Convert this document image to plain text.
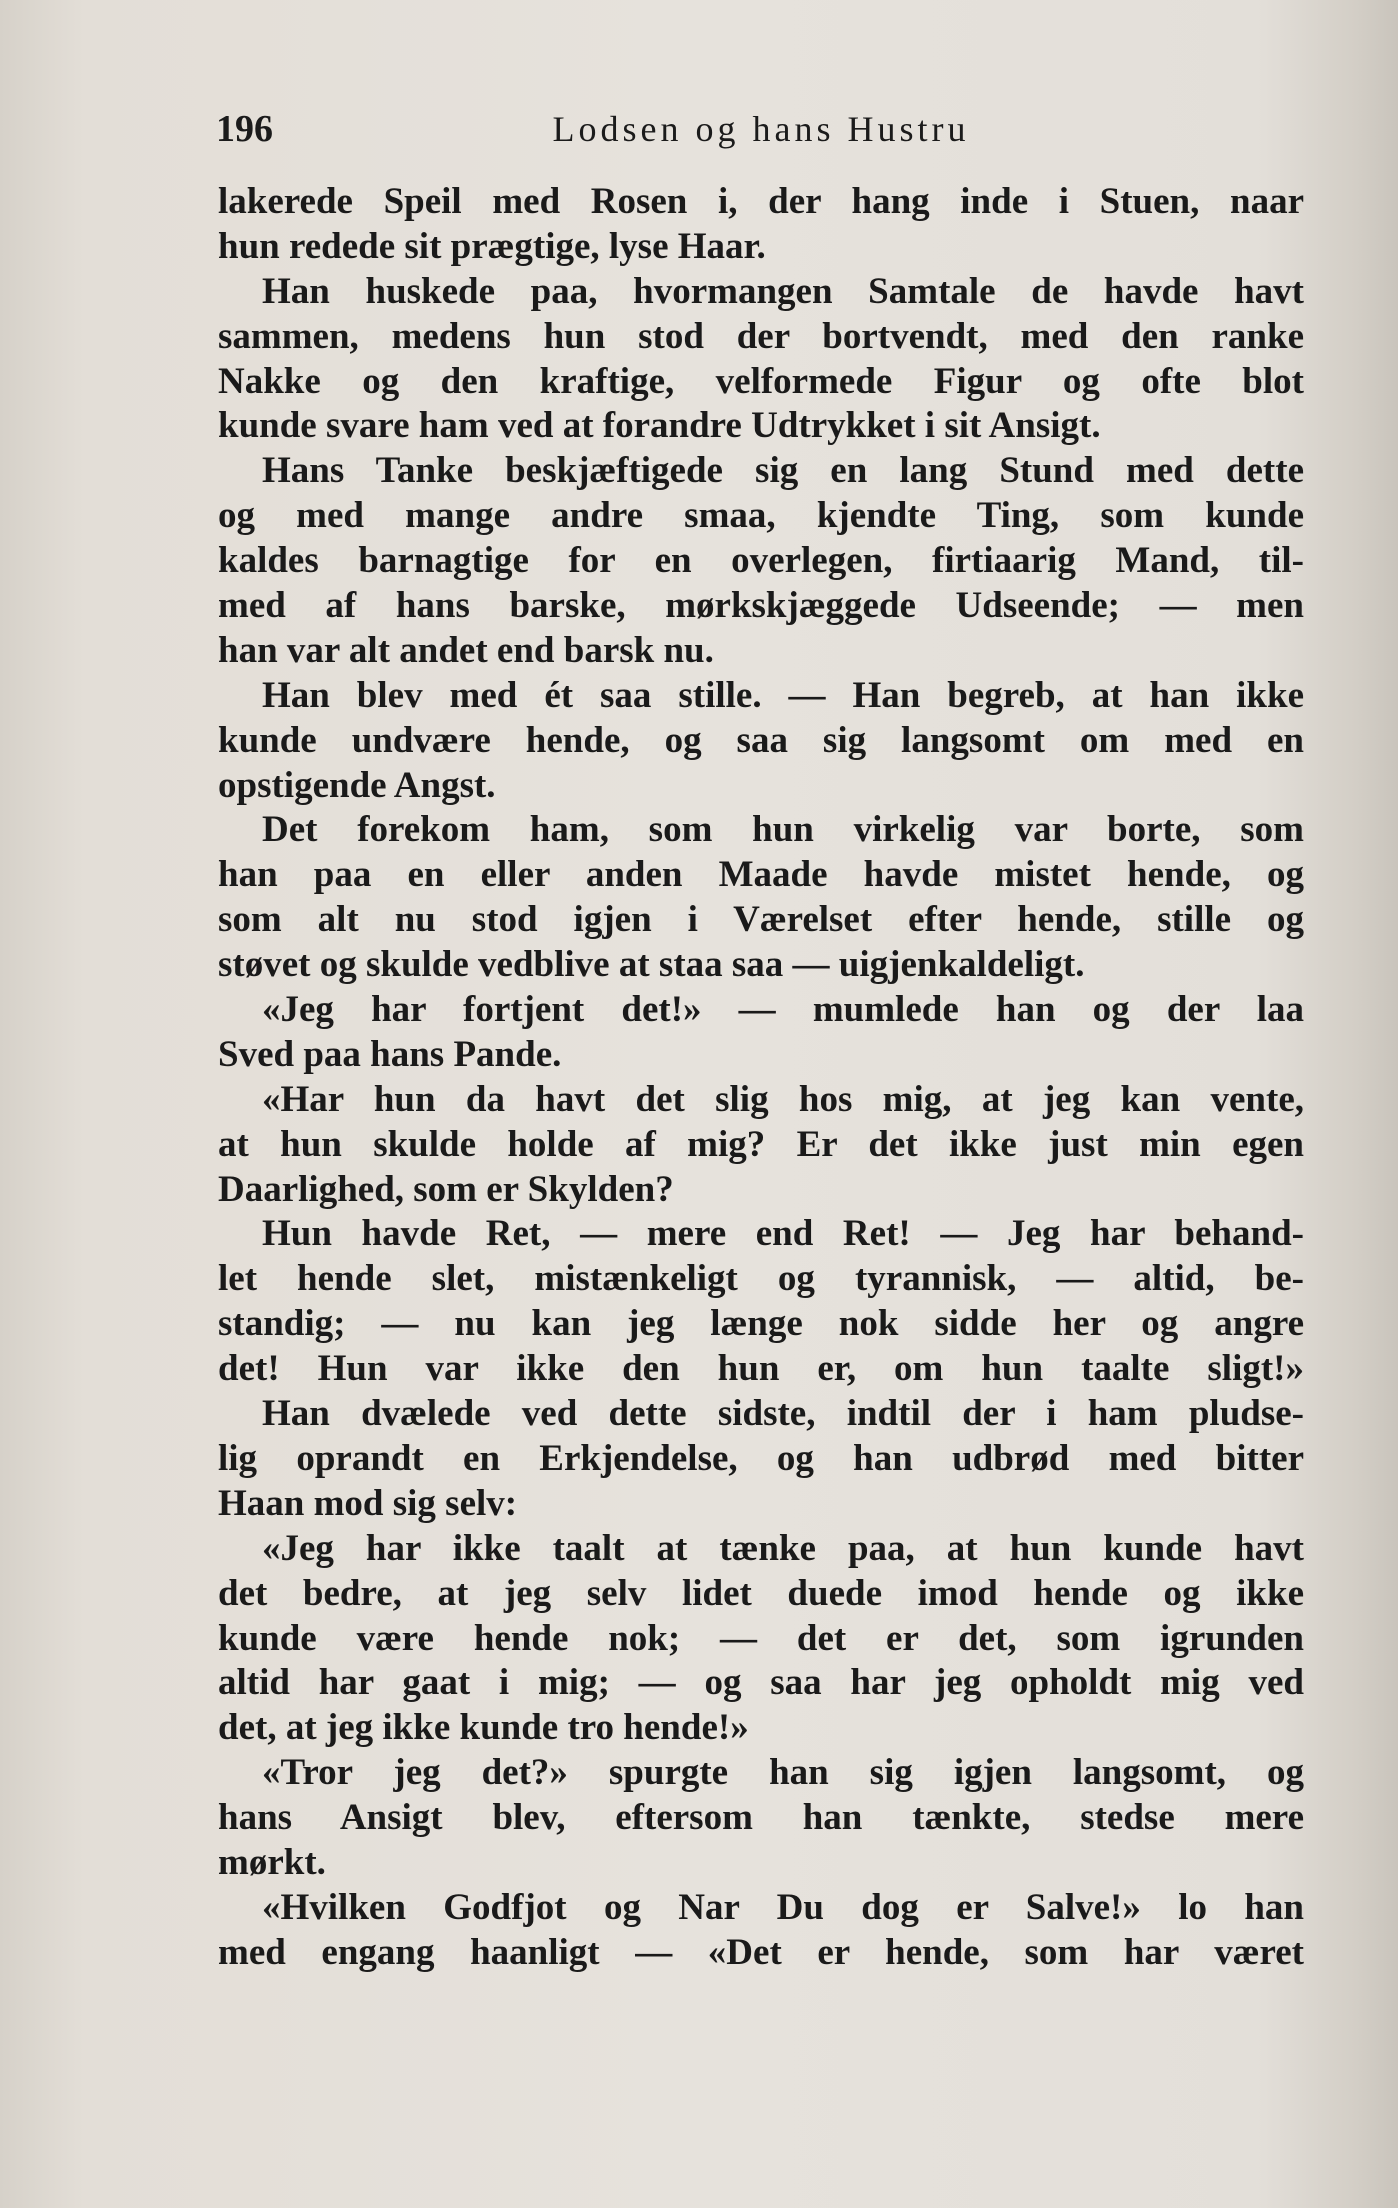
196	Lodsen og hans Hustru
lakerede Speil med Rosen i, der hang inde i Stuen, naar
hun redede sit prægtige, lyse Haar.
Han huskede paa, hvormangen Samtale de havde havt
sammen, medens hun stod der bortvendt, med den ranke
Nakke og den kraftige, velformede Figur og ofte blot
kunde svare ham ved at forandre Udtrykket i sit Ansigt.
Hans Tanke beskjæftigede sig en lang Stund med dette
og med mange andre smaa, kjendte Ting, som kunde
kaldes barnagtige for en overlegen, firtiaarig Mand, til-
med af hans barske, mørkskjæggede Udseende; — men
han var alt andet end barsk nu.
Han blev med ét saa stille. — Han begreb, at han ikke
kunde undvære hende, og saa sig langsomt om med en
opstigende Angst.
Det forekom ham, som hun virkelig var borte, som
han paa en eller anden Maade havde mistet hende, og
som alt nu stod igjen i Værelset efter hende, stille og
støvet og skulde vedblive at staa saa — uigjenkaldeligt.
«Jeg har fortjent det!» — mumlede han og der laa
Sved paa hans Pande.
«Har hun da havt det slig hos mig, at jeg kan vente,
at hun skulde holde af mig? Er det ikke just min egen
Daarlighed, som er Skylden?
Hun havde Ret, — mere end Ret! — Jeg har behand-
let hende slet, mistænkeligt og tyrannisk, — altid, be-
standig; — nu kan jeg længe nok sidde her og angre
det! Hun var ikke den hun er, om hun taalte sligt!»
Han dvælede ved dette sidste, indtil der i ham pludse-
lig oprandt en Erkjendelse, og han udbrød med bitter
Haan mod sig selv:
«Jeg har ikke taalt at tænke paa, at hun kunde havt
det bedre, at jeg selv lidet duede imod hende og ikke
kunde være hende nok; — det er det, som igrunden
altid har gaat i mig; — og saa har jeg opholdt mig ved
det, at jeg ikke kunde tro hende!»
«Tror jeg det?» spurgte han sig igjen langsomt, og
hans Ansigt blev, eftersom han tænkte, stedse mere
mørkt.
«Hvilken Godfjot og Nar Du dog er Salve!» lo han
med engang haanligt — «Det er hende, som har været
